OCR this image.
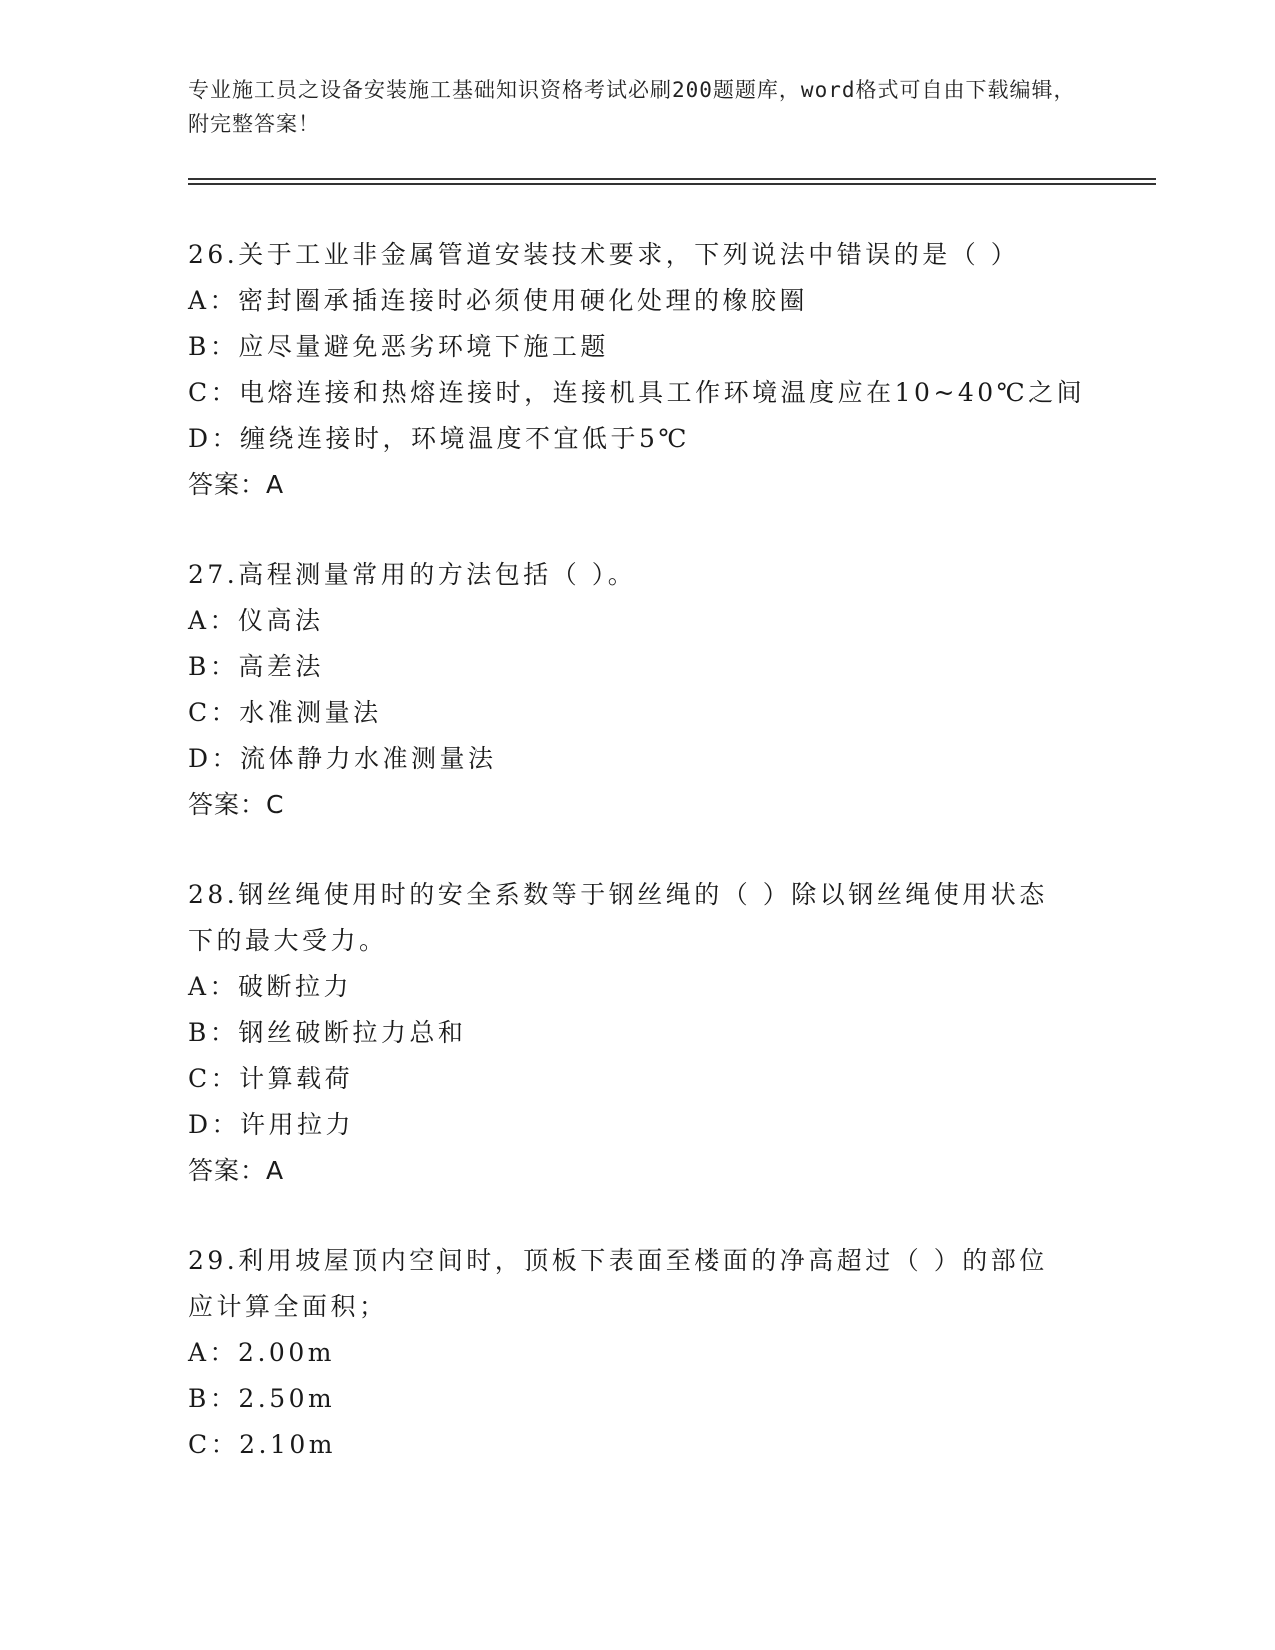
专业施工员之设备安装施工基础知识资格考试必刷200题题库，word格式可自由下载编辑，附完整答案！

26.关于工业非金属管道安装技术要求，下列说法中错误的是（ ）

A：密封圈承插连接时必须使用硬化处理的橡胶圈

B：应尽量避免恶劣环境下施工题

C：电熔连接和热熔连接时，连接机具工作环境温度应在10~40℃之间

D：缠绕连接时，环境温度不宜低于5℃

答案：A

27.高程测量常用的方法包括（ ）。

A：仪高法

B：高差法

C：水准测量法

D：流体静力水准测量法

答案：C

28.钢丝绳使用时的安全系数等于钢丝绳的（ ）除以钢丝绳使用状态下的最大受力。

A：破断拉力

B：钢丝破断拉力总和

C：计算载荷

D：许用拉力

答案：A

29.利用坡屋顶内空间时，顶板下表面至楼面的净高超过（ ）的部位应计算全面积；

A：2.00m

B：2.50m

C：2.10m
